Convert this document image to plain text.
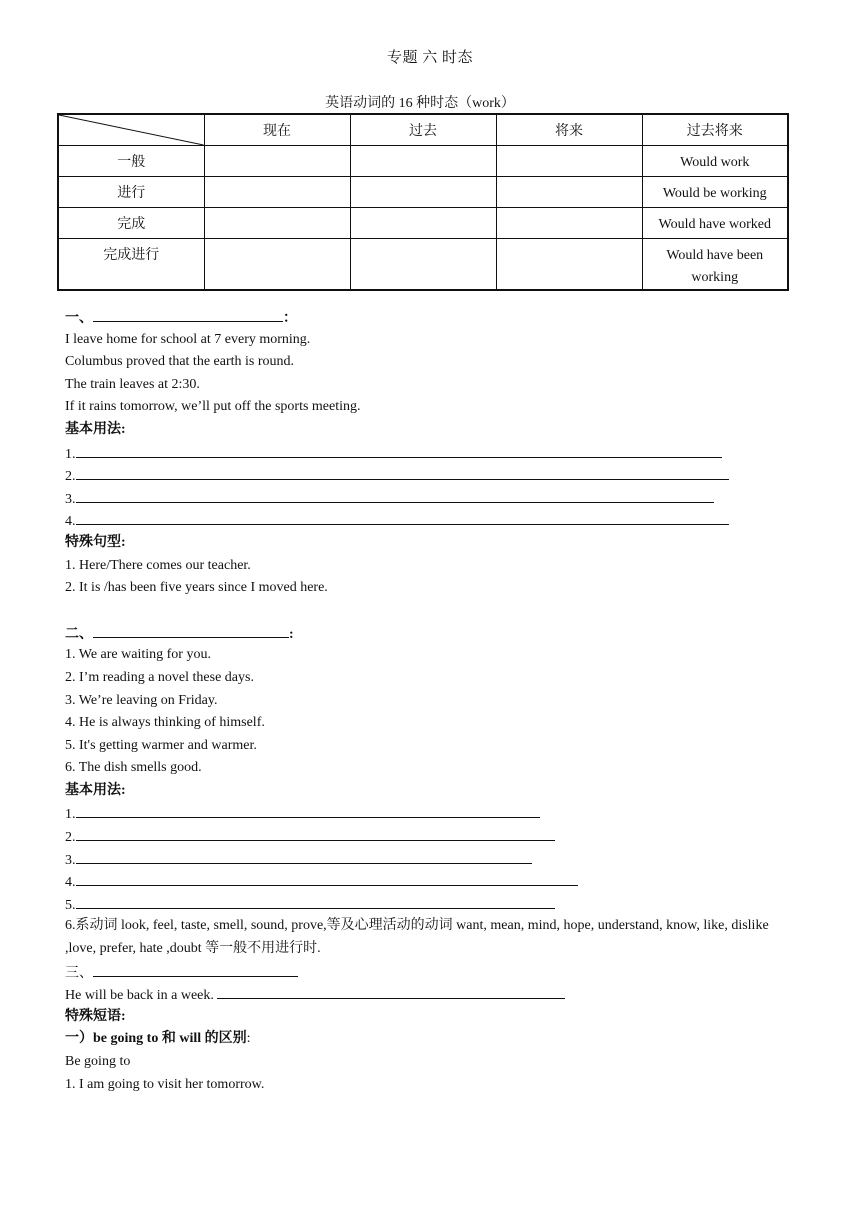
专题 六 时态
英语动词的 16 种时态（work）
	现在	过去	将来	过去将来
一般				Would work
进行				Would be working
完成				Would have worked
完成进行				Would have been working
一、	：
I leave home for school at 7 every morning.
Columbus proved that the earth is round.
The train leaves at 2:30.
If it rains tomorrow, we’ll put off the sports meeting.
基本用法:
1.
2.
3.
4.
特殊句型:
1. Here/There comes our teacher.
2. It is /has been five years since I moved here.
二、	:
1. We are waiting for you.
2. I’m reading a novel these days.
3. We’re leaving on Friday.
4. He is always thinking of himself.
5. It's getting warmer and warmer.
6. The dish smells good.
基本用法:
1.
2.
3.
4.
5.
6.系动词 look, feel, taste, smell, sound, prove,等及心理活动的动词 want, mean, mind, hope, understand, know, like, dislike ,love, prefer, hate ,doubt 等一般不用进行时.
三、
He will be back in a week.
特殊短语:
一）be going to 和 will 的区别:
Be going to
1. I am going to visit her tomorrow.
